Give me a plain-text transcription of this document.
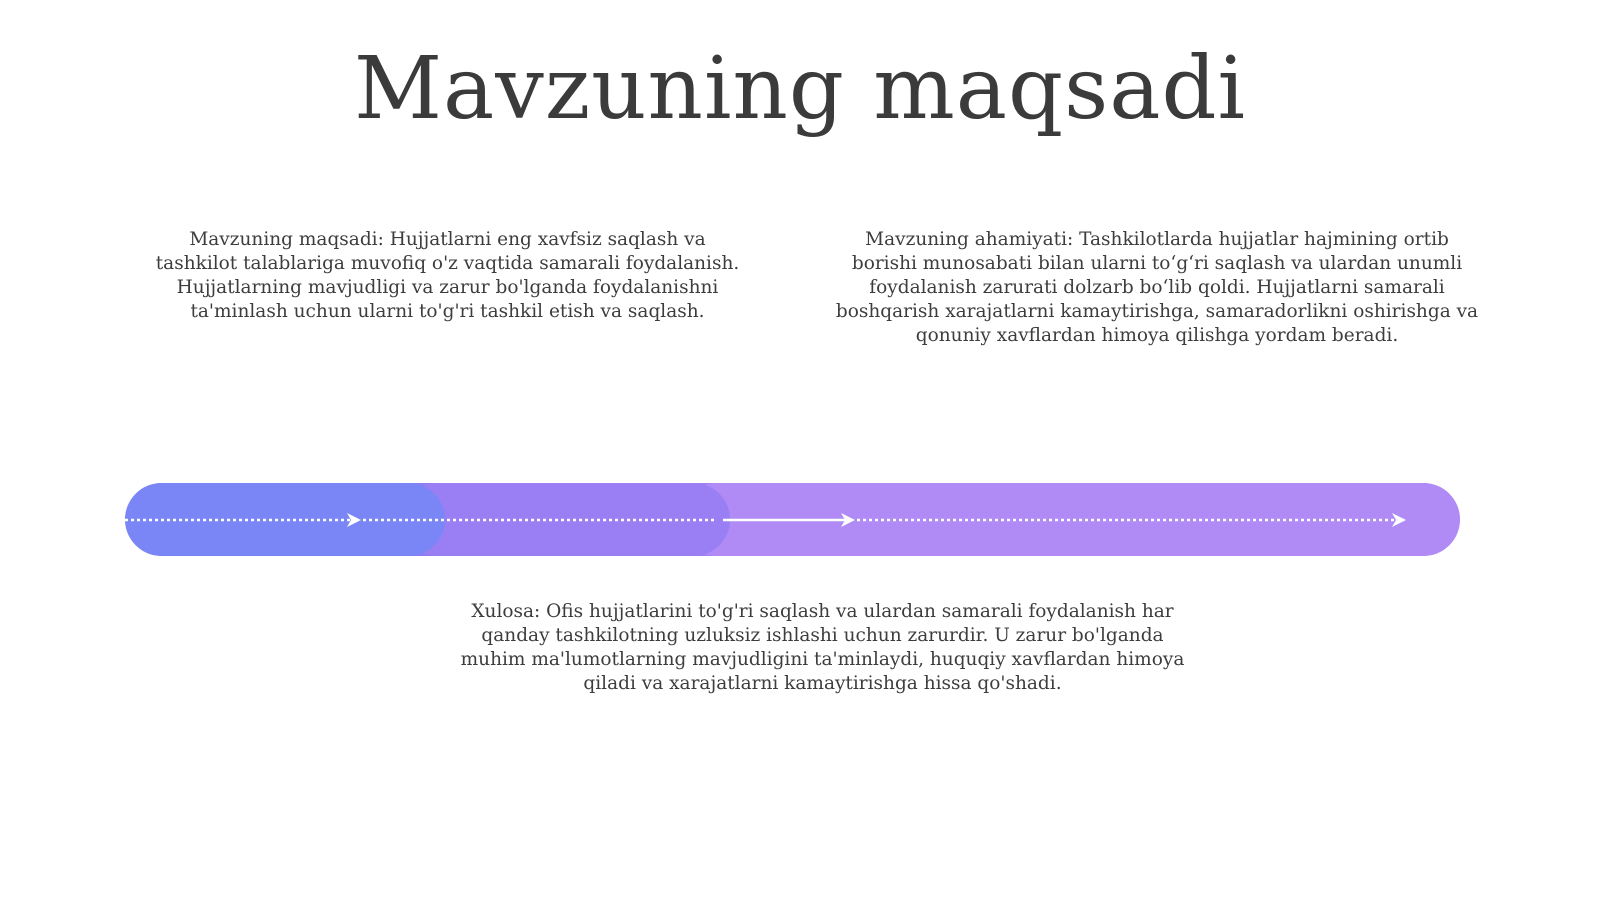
Mavzuning maqsadi
Mavzuning maqsadi: Hujjatlarni eng xavfsiz saqlash va tashkilot talablariga muvofiq o'z vaqtida samarali foydalanish. Hujjatlarning mavjudligi va zarur bo'lganda foydalanishni ta'minlash uchun ularni to'g'ri tashkil etish va saqlash.
Mavzuning ahamiyati: Tashkilotlarda hujjatlar hajmining ortib borishi munosabati bilan ularni to‘g‘ri saqlash va ulardan unumli foydalanish zarurati dolzarb bo‘lib qoldi. Hujjatlarni samarali boshqarish xarajatlarni kamaytirishga, samaradorlikni oshirishga va qonuniy xavflardan himoya qilishga yordam beradi.
Xulosa: Ofis hujjatlarini to'g'ri saqlash va ulardan samarali foydalanish har qanday tashkilotning uzluksiz ishlashi uchun zarurdir. U zarur bo'lganda muhim ma'lumotlarning mavjudligini ta'minlaydi, huquqiy xavflardan himoya qiladi va xarajatlarni kamaytirishga hissa qo'shadi.
